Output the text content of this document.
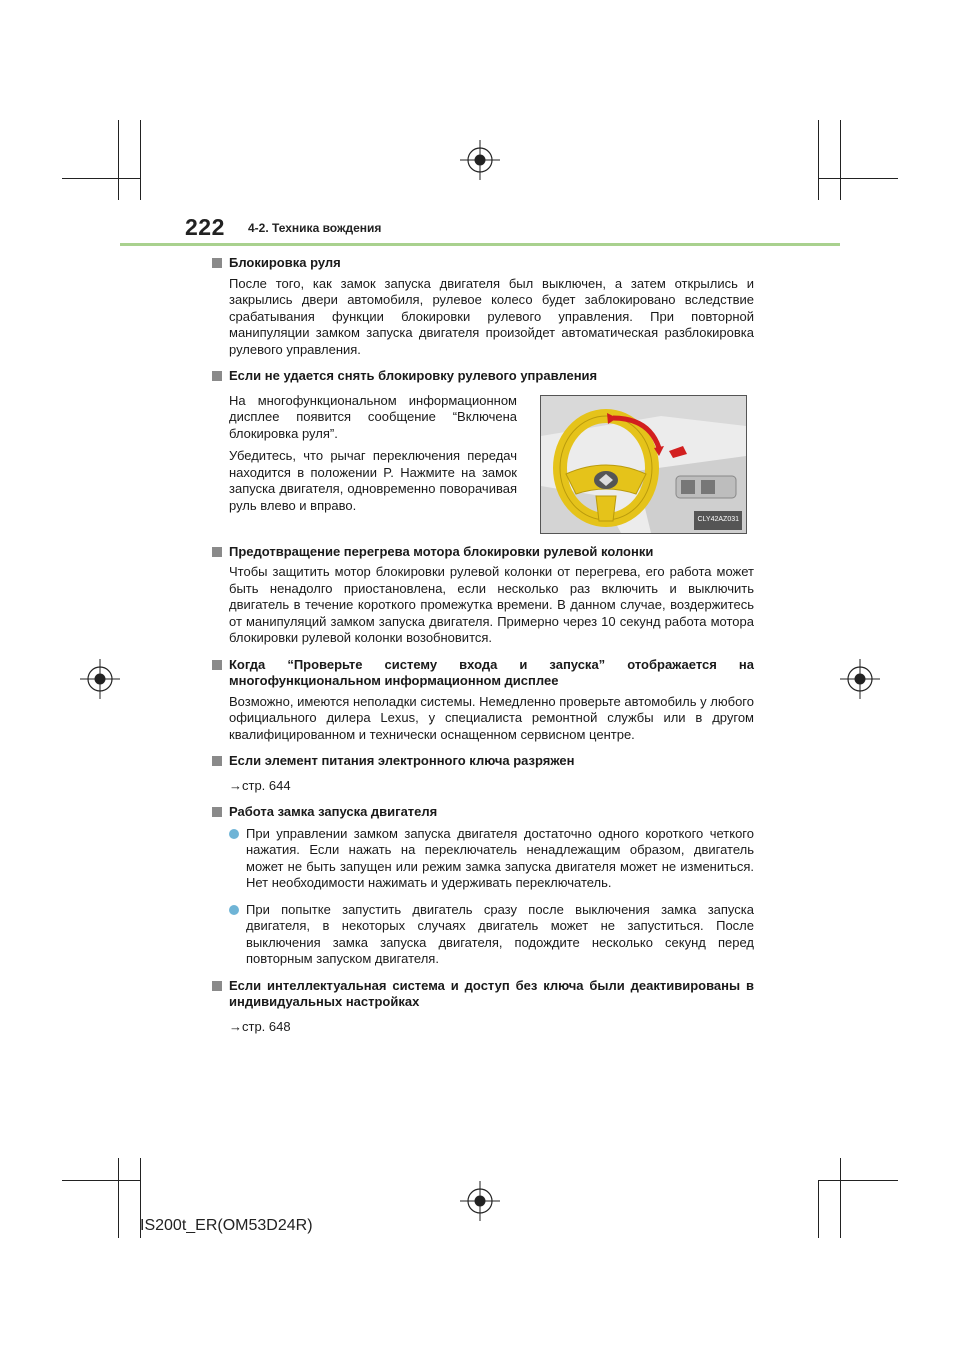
222 4-2. Техника вождения
Блокировка руля
После того, как замок запуска двигателя был выключен, а затем открылись и закрылись двери автомобиля, рулевое колесо будет заблокировано вследствие срабатывания функции блокировки рулевого управления. При повторной манипуляции замком запуска двигателя произойдет автоматическая разблокировка рулевого управления.
Если не удается снять блокировку рулевого управления
На многофункциональном информационном дисплее появится сообщение “Включена блокировка руля”.
Убедитесь, что рычаг переключения передач находится в положении P. Нажмите на замок запуска двигателя, одновременно поворачивая руль влево и вправо.
CLY42AZ031
Предотвращение перегрева мотора блокировки рулевой колонки
Чтобы защитить мотор блокировки рулевой колонки от перегрева, его работа может быть ненадолго приостановлена, если несколько раз включить и выключить двигатель в течение короткого промежутка времени. В данном случае, воздержитесь от манипуляций замком запуска двигателя. Примерно через 10 секунд работа мотора блокировки рулевой колонки возобновится.
Когда “Проверьте систему входа и запуска” отображается на
многофункциональном информационном дисплее
Возможно, имеются неполадки системы. Немедленно проверьте автомобиль у любого официального дилера Lexus, у специалиста ремонтной службы или в другом квалифицированном и технически оснащенном сервисном центре.
Если элемент питания электронного ключа разряжен
→стр. 644
Работа замка запуска двигателя
При управлении замком запуска двигателя достаточно одного короткого четкого нажатия. Если нажать на переключатель ненадлежащим образом, двигатель может не быть запущен или режим замка запуска двигателя может не измениться. Нет необходимости нажимать и удерживать переключатель.
При попытке запустить двигатель сразу после выключения замка запуска двигателя, в некоторых случаях двигатель может не запуститься. После выключения замка запуска двигателя, подождите несколько секунд перед повторным запуском двигателя.
Если интеллектуальная система и доступ без ключа были деактивированы в индивидуальных настройках
→стр. 648
IS200t_ER(OM53D24R)
